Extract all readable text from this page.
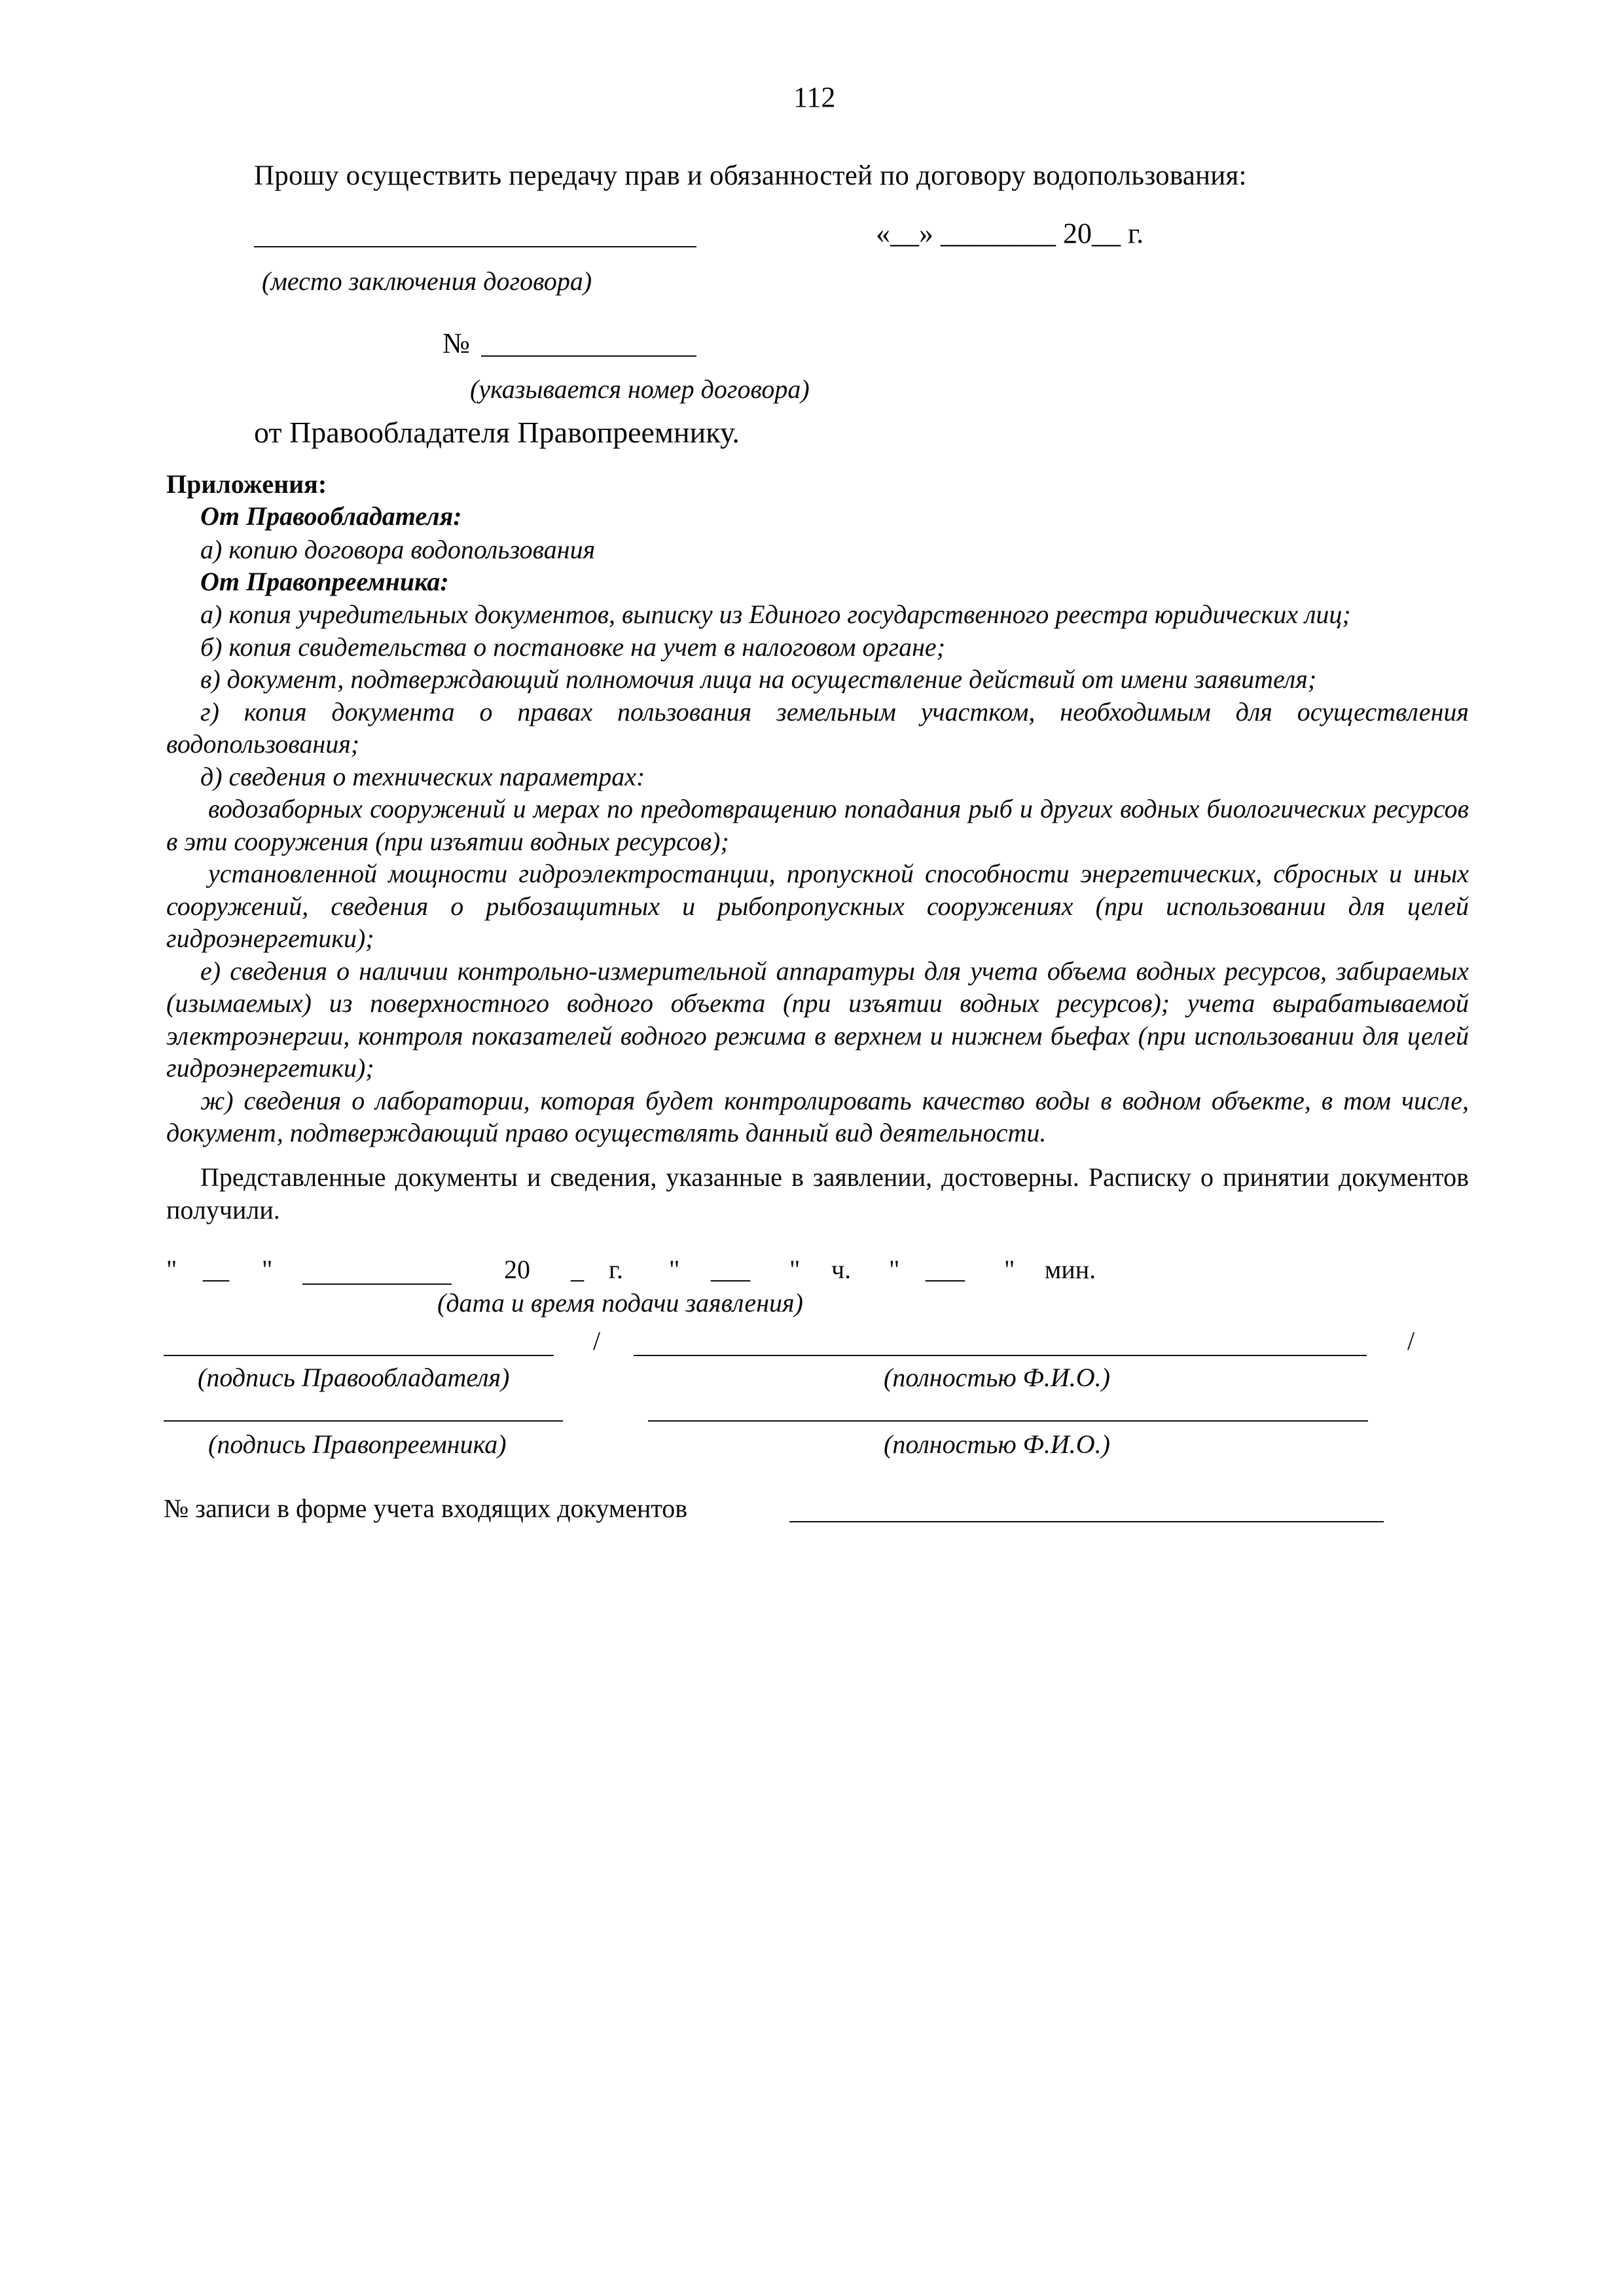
112
Прошу осуществить передачу прав и обязанностей по договору водопользования:
«__» ________ 20__ г.
(место заключения договора)
№
(указывается номер договора)
от Правообладателя Правопреемнику.
Приложения:
От Правообладателя:
а) копию договора водопользования
От Правопреемника:

а) копия учредительных документов, выписку из Единого государственного реестра юридических лиц;

б) копия свидетельства о постановке на учет в налоговом органе;

в) документ, подтверждающий полномочия лица на осуществление действий от имени заявителя;

г) копия документа о правах пользования земельным участком, необходимым для осуществления водопользования;

д) сведения о технических параметрах:

водозаборных сооружений и мерах по предотвращению попадания рыб и других водных биологических ресурсов в эти сооружения (при изъятии водных ресурсов);

установленной мощности гидроэлектростанции, пропускной способности энергетических, сбросных и иных сооружений, сведения о рыбозащитных и рыбопропускных сооружениях (при использовании для целей гидроэнергетики);

е) сведения о наличии контрольно-измерительной аппаратуры для учета объема водных ресурсов, забираемых (изымаемых) из поверхностного водного объекта (при изъятии водных ресурсов); учета вырабатываемой электроэнергии, контроля показателей водного режима в верхнем и нижнем бьефах (при использовании для целей гидроэнергетики);

ж) сведения о лаборатории, которая будет контролировать качество воды в водном объекте, в том числе, документ, подтверждающий право осуществлять данный вид деятельности.

Представленные документы и сведения, указанные в заявлении, достоверны. Расписку о принятии документов получили.
" __ "	20 _ г. " ___ " ч. " ___ " мин.
(дата и время подачи заявления)
/	/
(подпись Правообладателя)	(полностью Ф.И.О.)
(подпись Правопреемника)	(полностью Ф.И.О.)
№ записи в форме учета входящих документов
